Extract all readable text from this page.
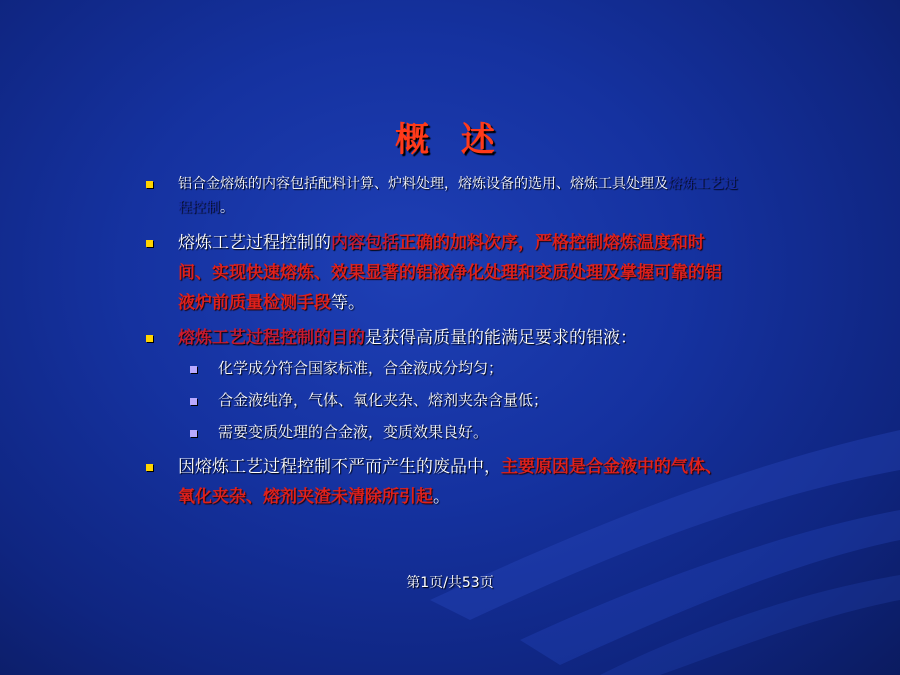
概 述
铝合金熔炼的内容包括配料计算、炉料处理，熔炼设备的选用、熔炼工具处理及熔炼工艺过程控制。
熔炼工艺过程控制的内容包括正确的加料次序，严格控制熔炼温度和时间、实现快速熔炼、效果显著的铝液净化处理和变质处理及掌握可靠的铝液炉前质量检测手段等。
熔炼工艺过程控制的目的是获得高质量的能满足要求的铝液：
化学成分符合国家标准，合金液成分均匀；
合金液纯净，气体、氧化夹杂、熔剂夹杂含量低；
需要变质处理的合金液，变质效果良好。
因熔炼工艺过程控制不严而产生的废品中，主要原因是合金液中的气体、氧化夹杂、熔剂夹渣未清除所引起。
第1页/共53页
